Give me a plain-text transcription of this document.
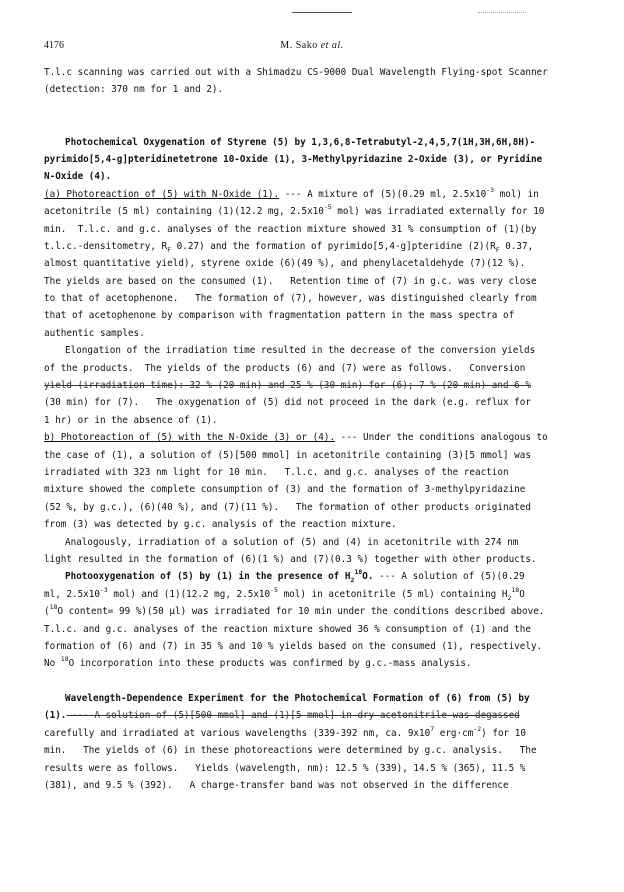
4176	M. Sako et al.
T.l.c scanning was carried out with a Shimadzu CS-9000 Dual Wavelength Flying-spot Scanner
(detection: 370 nm for 1 and 2).
Photochemical Oxygenation of Styrene (5) by 1,3,6,8-Tetrabutyl-2,4,5,7(1H,3H,6H,8H)-
pyrimido[5,4-g]pteridinetetrone 10-Oxide (1), 3-Methylpyridazine 2-Oxide (3), or Pyridine
N-Oxide (4).
(a) Photoreaction of (5) with N-Oxide (1). --- A mixture of (5)(0.29 ml, $2.5x10^{-3}$ mol) in
acetonitrile (5 ml) containing (1)(12.2 mg, $2.5x10^{-5}$ mol) was irradiated externally for 10
min.  T.l.c. and g.c. analyses of the reaction mixture showed 31 % consumption of (1)(by
t.l.c.-densitometry, $R_F$ 0.27) and the formation of pyrimido[5,4-g]pteridine $(2)(R_F$ 0.37,
almost quantitative yield), styrene oxide (6)(49 %), and phenylacetaldehyde (7)(12 %).
The yields are based on the consumed (1).   Retention time of (7) in g.c. was very close
to that of acetophenone.   The formation of (7), however, was distinguished clearly from
that of acetophenone by comparison with fragmentation pattern in the mass spectra of
authentic samples.
Elongation of the irradiation time resulted in the decrease of the conversion yields
of the products.  The yields of the products (6) and (7) were as follows.   Conversion
yield (irradiation time): 32 % (20 min) and 25 % (30 min) for (6); 7 % (20 min) and 6 %
(30 min) for (7).   The oxygenation of (5) did not proceed in the dark (e.g. reflux for
1 hr) or in the absence of (1).
b) Photoreaction of (5) with the N-Oxide (3) or (4). --- Under the conditions analogous to
the case of (1), a solution of (5)[500 mmol] in acetonitrile containing (3)[5 mmol] was
irradiated with 323 nm light for 10 min.   T.l.c. and g.c. analyses of the reaction
mixture showed the complete consumption of (3) and the formation of 3-methylpyridazine
(52 %, by g.c.), (6)(40 %), and (7)(11 %).   The formation of other products originated
from (3) was detected by g.c. analysis of the reaction mixture.
Analogously, irradiation of a solution of (5) and (4) in acetonitrile with 274 nm
light resulted in the formation of (6)(1 %) and (7)(0.3 %) together with other products.
Photooxygenation of (5) by (1) in the presence of $H_2^{18}O$. --- A solution of (5)(0.29
ml, $2.5x10^{-3}$ mol) and (1)(12.2 mg, $2.5x10^{-5}$ mol) in acetonitrile (5 ml) containing $H_2^{18}O$
($^{18}$O content= 99 %)(50 µl) was irradiated for 10 min under the conditions described above.
T.l.c. and g.c. analyses of the reaction mixture showed 36 % consumption of (1) and the
formation of (6) and (7) in 35 % and 10 % yields based on the consumed (1), respectively.
No $^{18}$O incorporation into these products was confirmed by g.c.-mass analysis.
Wavelength-Dependence Experiment for the Photochemical Formation of (6) from (5) by
(1). --- A solution of (5)[500 mmol] and (1)[5 mmol] in dry acetonitrile was degassed
carefully and irradiated at various wavelengths (339-392 nm, ca. $9x10^7$ $erg\cdot cm^{-2}$) for 10
min.   The yields of (6) in these photoreactions were determined by g.c. analysis.   The
results were as follows.   Yields (wavelength, nm): 12.5 % (339), 14.5 % (365), 11.5 %
(381), and 9.5 % (392).   A charge-transfer band was not observed in the difference
